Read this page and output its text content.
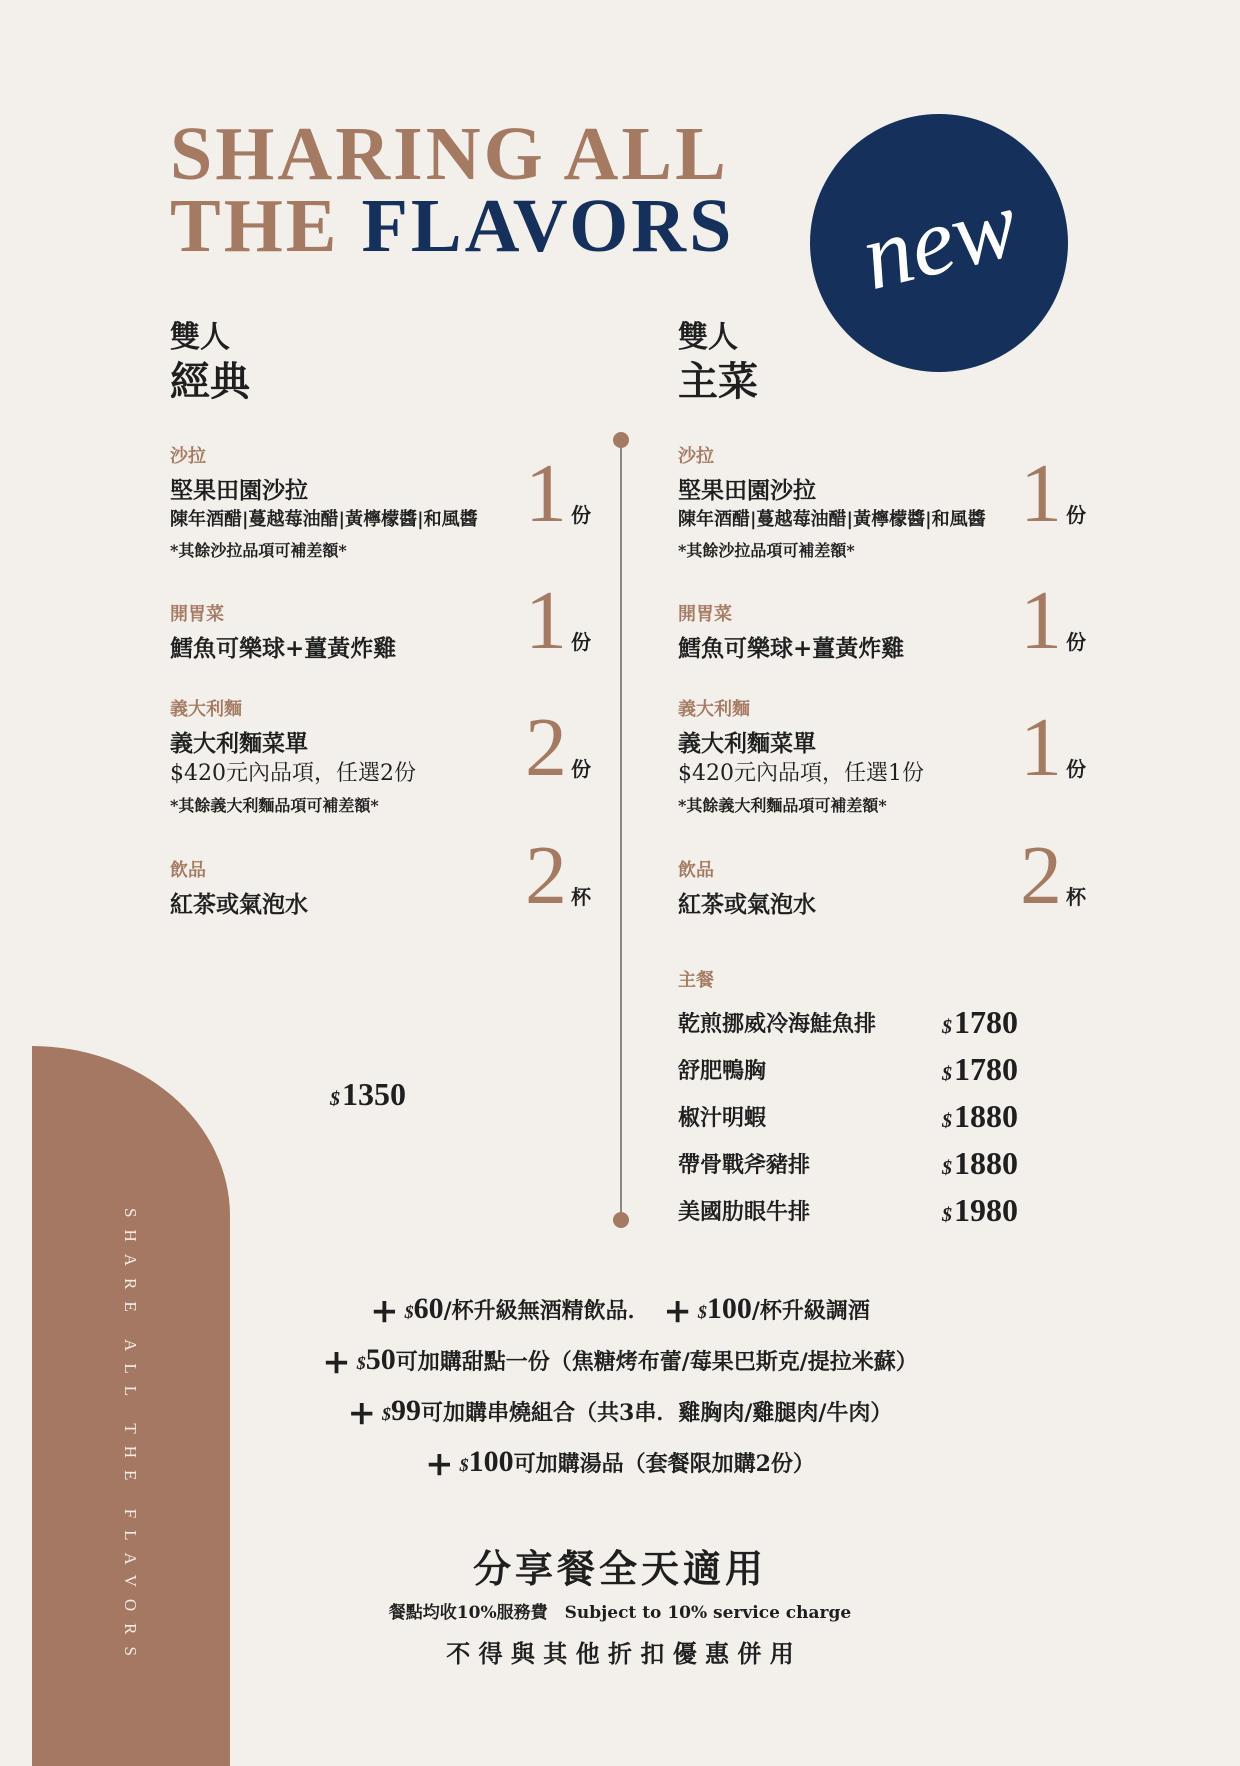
SHARING ALL
THE FLAVORS new
雙人
經典
沙拉
堅果田園沙拉
陳年酒醋|蔓越莓油醋|黃檸檬醬|和風醬
*其餘沙拉品項可補差額*
1 份
開胃菜
鱈魚可樂球+薑黃炸雞	1 份
義大利麵
義大利麵菜單
$420元內品項，任選2份
*其餘義大利麵品項可補差額*
2 份
飲品
紅茶或氣泡水	2 杯
$1350
雙人
主菜
沙拉
堅果田園沙拉
陳年酒醋|蔓越莓油醋|黃檸檬醬|和風醬
*其餘沙拉品項可補差額*
1 份
開胃菜
鱈魚可樂球+薑黃炸雞	1 份
義大利麵
義大利麵菜單
$420元內品項，任選1份
*其餘義大利麵品項可補差額*
1 份
飲品
紅茶或氣泡水	2 杯
主餐
乾煎挪威冷海鮭魚排	$1780
舒肥鴨胸	$1780
椒汁明蝦	$1880
帶骨戰斧豬排	$1880
美國肋眼牛排	$1980
SHARE ALL THE FLAVORS	+ $60/杯升級無酒精飲品． + $100/杯升級調酒
+ $50可加購甜點一份（焦糖烤布蕾/莓果巴斯克/提拉米蘇）
+ $99可加購串燒組合（共3串．雞胸肉/雞腿肉/牛肉）
+ $100可加購湯品（套餐限加購2份）
分享餐全天適用
餐點均收10%服務費　Subject to 10% service charge
不 得 與 其 他 折 扣 優 惠 併 用
